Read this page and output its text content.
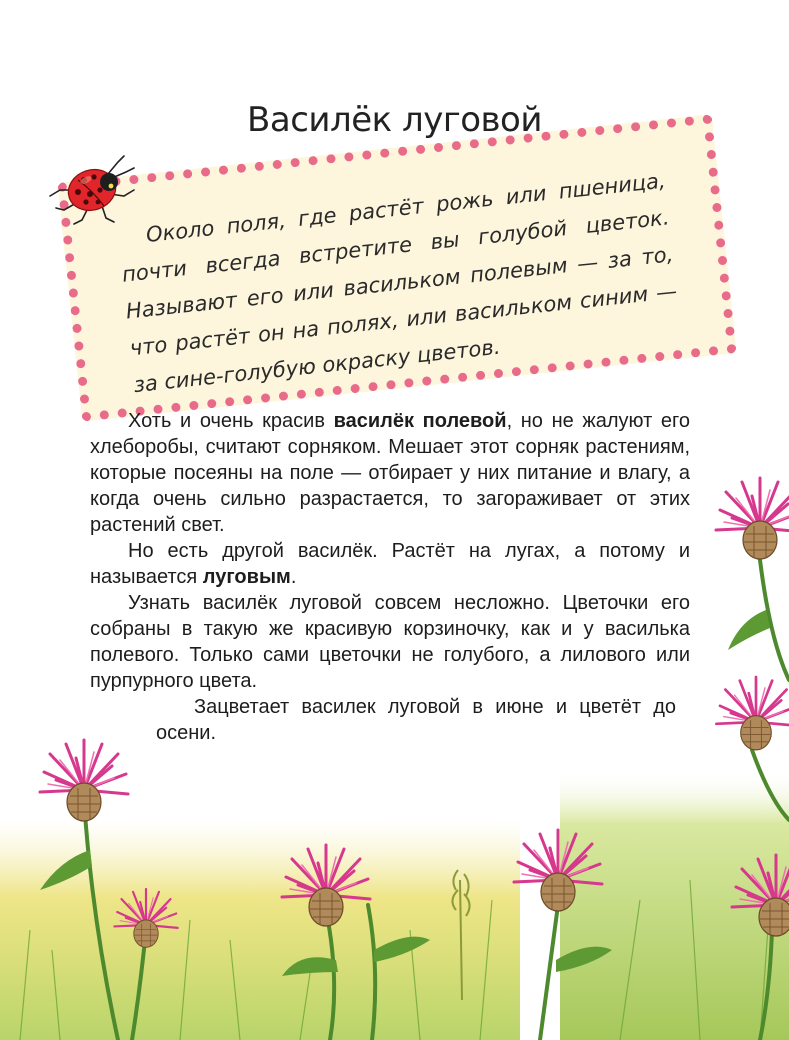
Василёк луговой

Около поля, где растёт рожь или пшеница, почти всегда встретите вы голубой цветок. Называют его или васильком полевым — за то, что растёт он на полях, или васильком синим — за сине-голубую окраску цветов.

Хоть и очень красив василёк полевой, но не жалуют его хлеборобы, считают сорняком. Мешает этот сорняк растениям, которые посеяны на поле — отбирает у них питание и влагу, а когда очень сильно разрастается, то загораживает от этих растений свет.

Но есть другой василёк. Растёт на лугах, а потому и называется луговым.

Узнать василёк луговой совсем несложно. Цветочки его собраны в такую же красивую корзиночку, как и у василька полевого. Только сами цветочки не голубого, а лилового или пурпурного цвета.

Зацветает василек луговой в июне и цветёт до осени.
